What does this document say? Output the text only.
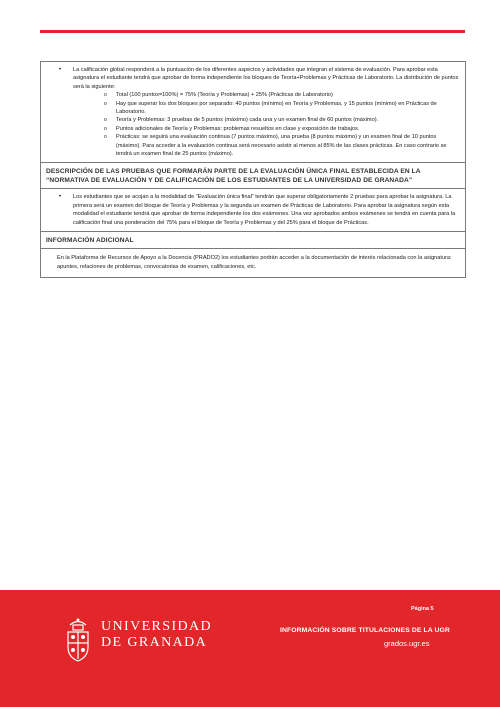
• La calificación global responderá a la puntuación de los diferentes aspectos y actividades que integran el sistema de evaluación. Para aprobar esta asignatura el estudiante tendrá que aprobar de forma independiente los bloques de Teoría+Problemas y Prácticas de Laboratorio. La distribución de puntos será la siguiente:
o Total (100 puntos=100%) = 75% (Teoría y Problemas) + 25% (Prácticas de Laboratorio)
o Hay que superar los dos bloques por separado: 40 puntos (mínimo) en Teoría y Problemas, y 15 puntos (mínimo) en Prácticas de Laboratorio.
o Teoría y Problemas: 3 pruebas de 5 puntos (máximo) cada una y un examen final de 60 puntos (máximo).
o Puntos adicionales de Teoría y Problemas: problemas resueltos en clase y exposición de trabajos.
o Prácticas: se seguirá una evaluación continua (7 puntos máximo), una prueba (8 puntos máximo) y un examen final de 10 puntos (máximo). Para acceder a la evaluación continua será necesario asistir al menos al 85% de las clases prácticas. En caso contrario se tendrá un examen final de 25 puntos (máximo).
DESCRIPCIÓN DE LAS PRUEBAS QUE FORMARÁN PARTE DE LA EVALUACIÓN ÚNICA FINAL ESTABLECIDA EN LA “NORMATIVA DE EVALUACIÓN Y DE CALIFICACIÓN DE LOS ESTUDIANTES DE LA UNIVERSIDAD DE GRANADA”
• Los estudiantes que se acojan a la modalidad de “Evaluación única final” tendrán que superar obligatoriamente 2 pruebas para aprobar la asignatura. La primera será un examen del bloque de Teoría y Problemas y la segunda un examen de Prácticas de Laboratorio. Para aprobar la asignatura según esta modalidad el estudiante tendrá que aprobar de forma independiente los dos exámenes. Una vez aprobados ambos exámenes se tendrá en cuenta para la calificación final una ponderación del 75% para el bloque de Teoría y Problemas y del 25% para el bloque de Prácticas.
INFORMACIÓN ADICIONAL
En la Plataforma de Recursos de Apoyo a la Docencia (PRADO2) los estudiantes podrán acceder a la documentación de interés relacionada con la asignatura: apuntes, relaciones de problemas, convocatorias de examen, calificaciones, etc.
UNIVERSIDAD
DE GRANADA
Página 5
INFORMACIÓN SOBRE TITULACIONES DE LA UGR
grados.ugr.es
